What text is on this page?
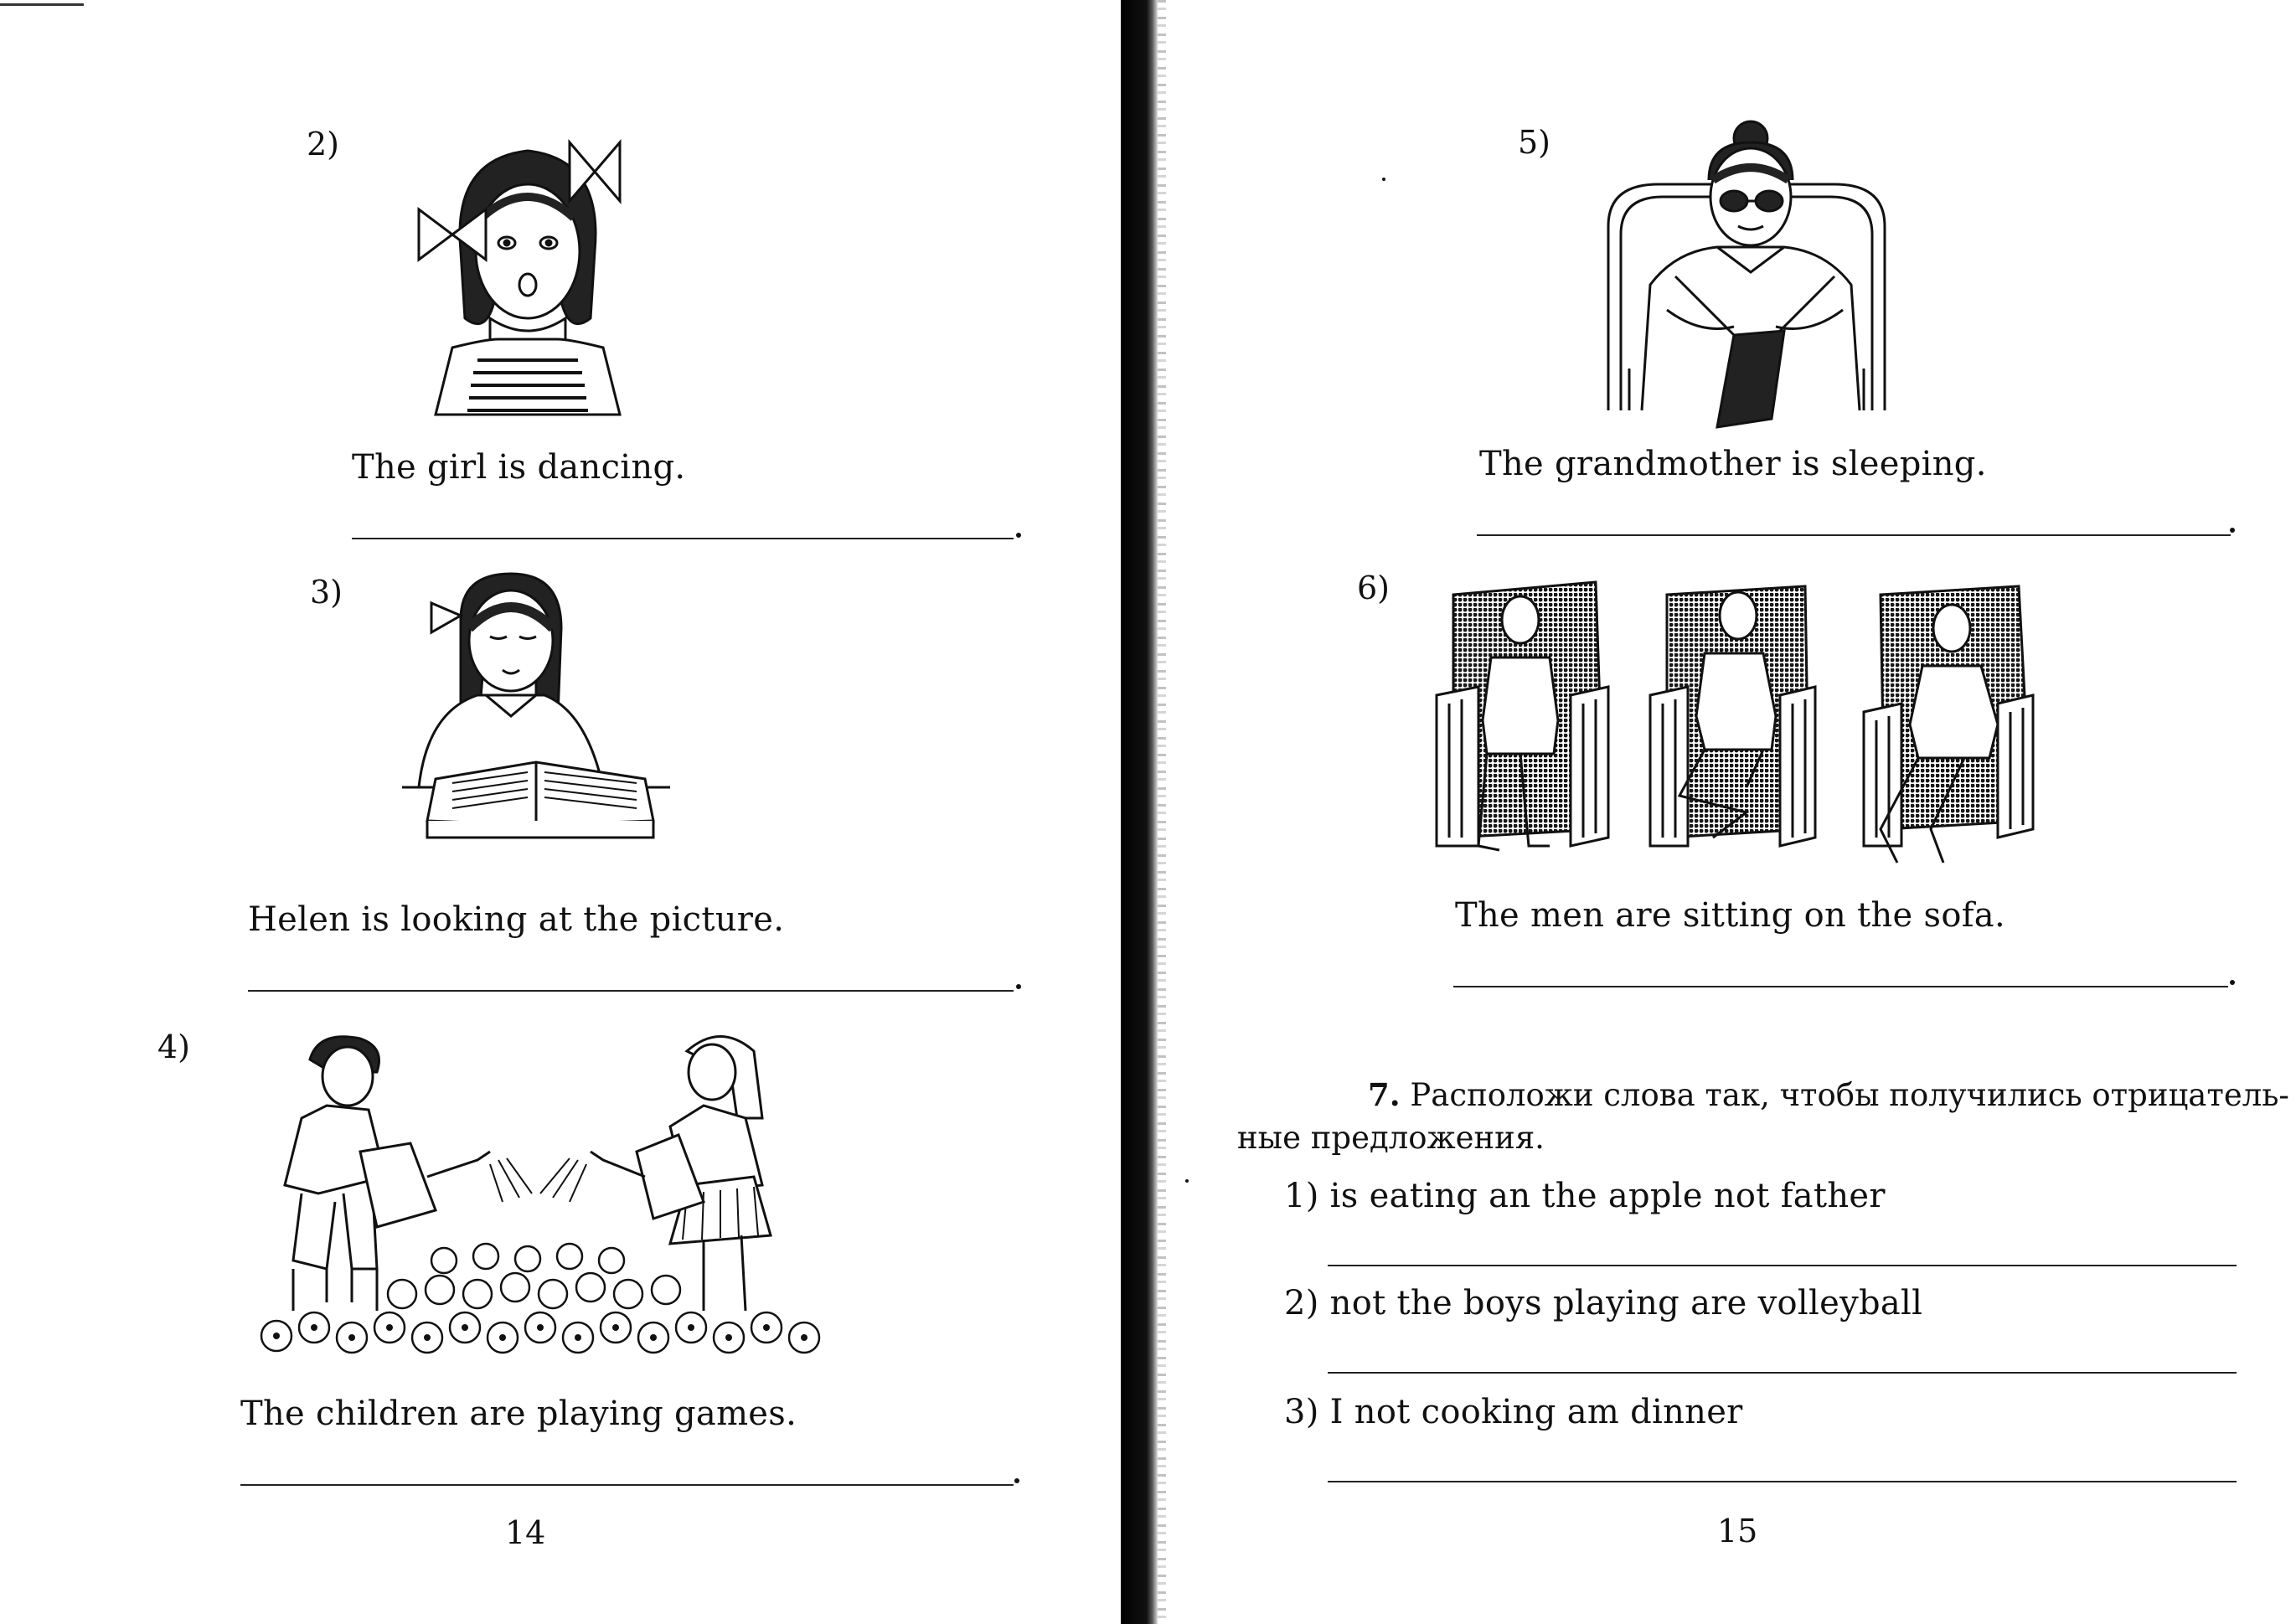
2)
The girl is dancing.
3)
Helen is looking at the picture.
4)
The children are playing games.
14
5)
The grandmother is sleeping.
6)
The men are sitting on the sofa.
7. Расположи слова так, чтобы получились отрицатель-
ные предложения.
1) is eating an the apple not father
2) not the boys playing are volleyball
3) I not cooking am dinner
15
